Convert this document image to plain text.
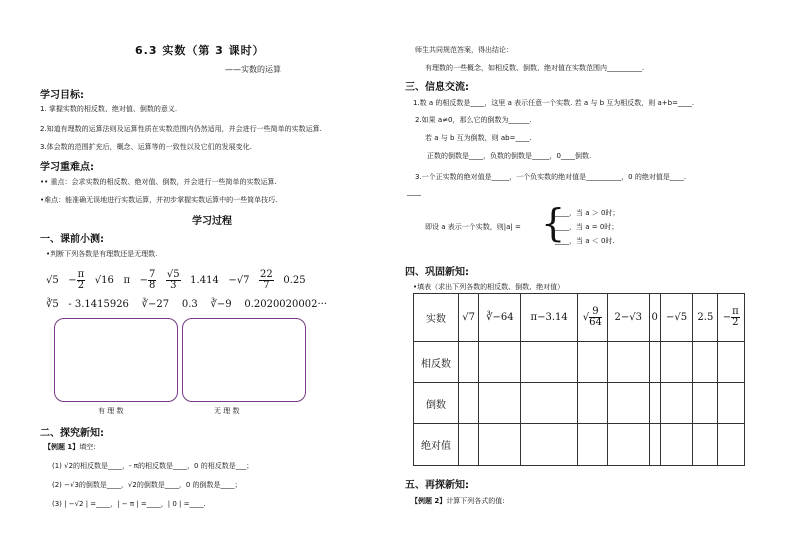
6.3 实数（第 3 课时）
——实数的运算
学习目标:
1. 掌握实数的相反数、绝对值、倒数的意义.
2.知道有理数的运算法则及运算性质在实数范围内仍然适用，并会进行一些简单的实数运算.
3.体会数的范围扩充后，概念、运算等的一致性以及它们的发展变化.
学习重难点:
•• 重点：会求实数的相反数、绝对值、倒数，并会进行一些简单的实数运算.
•难点：能准确无误地进行实数运算，并初步掌握实数运算中的一些简单技巧.
学习过程
一、课前小测:
•判断下列各数是有理数还是无理数.
$√5 - \frac{\pi}{2} √16$ $\pi - \frac{7}{8}$
$\frac{√5}{3} 1.414 -√7 \frac{22}{7} 0.25$
∛5 - 3.1415926 ∛−27 0.3 ∛−9 0.2020020002···
有 理 数	无 理 数
二、探究新知:
【例题 1】填空:
(1) √2的相反数是____，- π的相反数是____，0 的相反数是___；
(2) −√3的倒数是____，√2的倒数是____，0 的倒数是____；
(3) | −√2 | =____，| − π | =____，| 0 | =____.
师生共同规范答案，得出结论：
有理数的一些概念，如相反数、倒数、绝对值在实数范围内__________.
三、信息交流:
1.数 a 的相反数是____，这里 a 表示任意一个实数. 若 a 与 b 互为相反数，则 a+b=____.
2.如果 a≠0，那么它的倒数为______.
若 a 与 b 互为倒数，则 ab=____.
正数的倒数是____，负数的倒数是_____，0____倒数.
3.一个正实数的绝对值是_____，一个负实数的绝对值是__________，0 的绝对值是____.
____
即设 a 表示一个实数，则|a| = {
____，当 a ＞ 0时；
____，当 a = 0时；
____，当 a ＜ 0时.
四、巩固新知:
•填表（求出下列各数的相反数、倒数、绝对值）
实数	√7	∛−64	π−3.14	√ $\frac{9}{64}$	2−√3	0	−√5	2.5	− $\frac{\pi}{2}$

相反数									
倒数									
绝对值									
五、再探新知:
【例题 2】计算下列各式的值:
